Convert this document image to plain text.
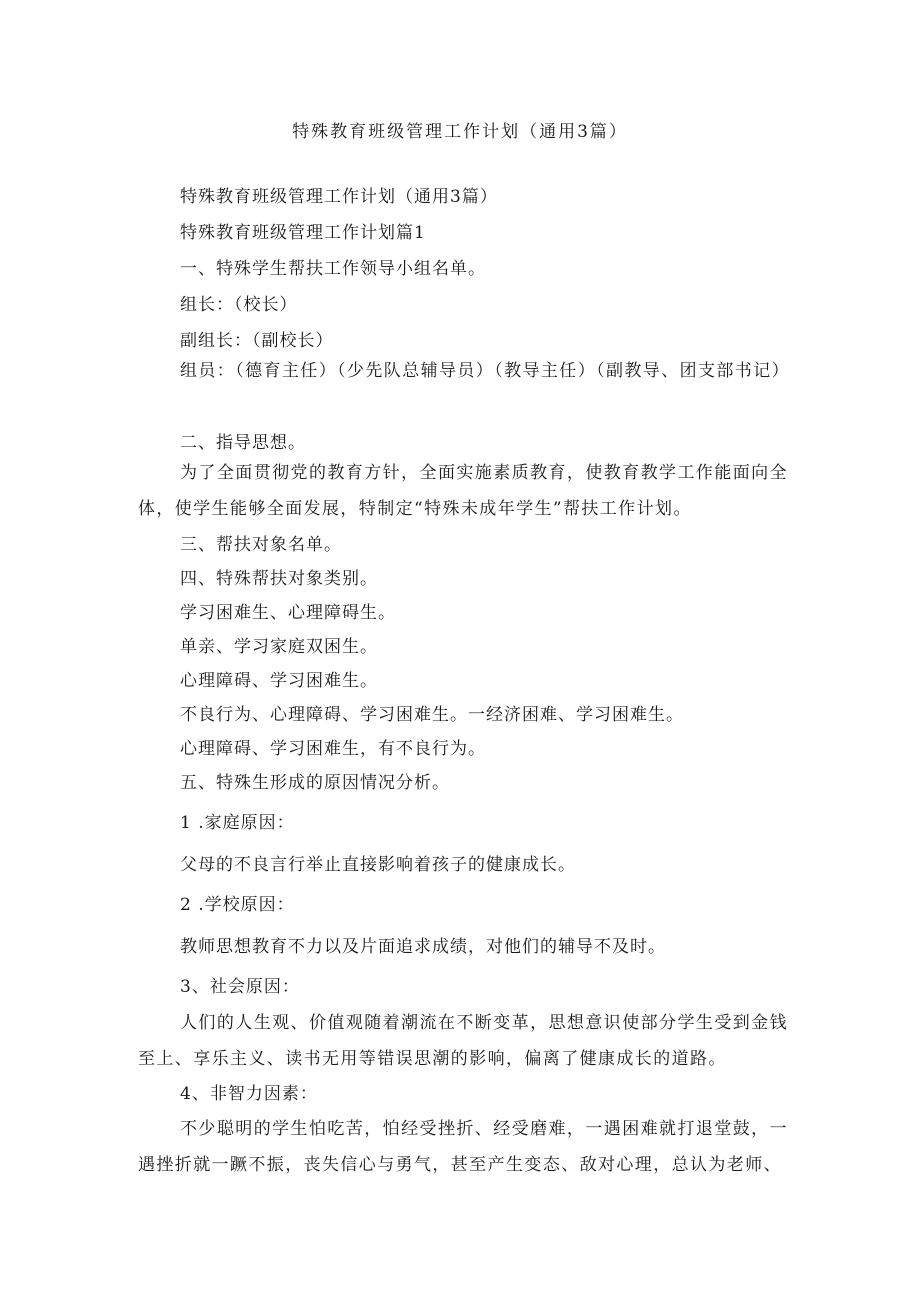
特殊教育班级管理工作计划（通用3篇）
特殊教育班级管理工作计划（通用3篇）
特殊教育班级管理工作计划篇1
一、特殊学生帮扶工作领导小组名单。
组长：（校长）
副组长：（副校长）
组员：（德育主任）（少先队总辅导员）（教导主任）（副教导、团支部书记）
二、指导思想。
为了全面贯彻党的教育方针，全面实施素质教育，使教育教学工作能面向全体，使学生能够全面发展，特制定“特殊未成年学生”帮扶工作计划。
三、帮扶对象名单。
四、特殊帮扶对象类别。
学习困难生、心理障碍生。
单亲、学习家庭双困生。
心理障碍、学习困难生。
不良行为、心理障碍、学习困难生。一经济困难、学习困难生。
心理障碍、学习困难生，有不良行为。
五、特殊生形成的原因情况分析。
1 .家庭原因：
父母的不良言行举止直接影响着孩子的健康成长。
2 .学校原因：
教师思想教育不力以及片面追求成绩，对他们的辅导不及时。
3、社会原因：
人们的人生观、价值观随着潮流在不断变革，思想意识使部分学生受到金钱至上、享乐主义、读书无用等错误思潮的影响，偏离了健康成长的道路。
4、非智力因素：
不少聪明的学生怕吃苦，怕经受挫折、经受磨难，一遇困难就打退堂鼓，一遇挫折就一蹶不振，丧失信心与勇气，甚至产生变态、敌对心理，总认为老师、
